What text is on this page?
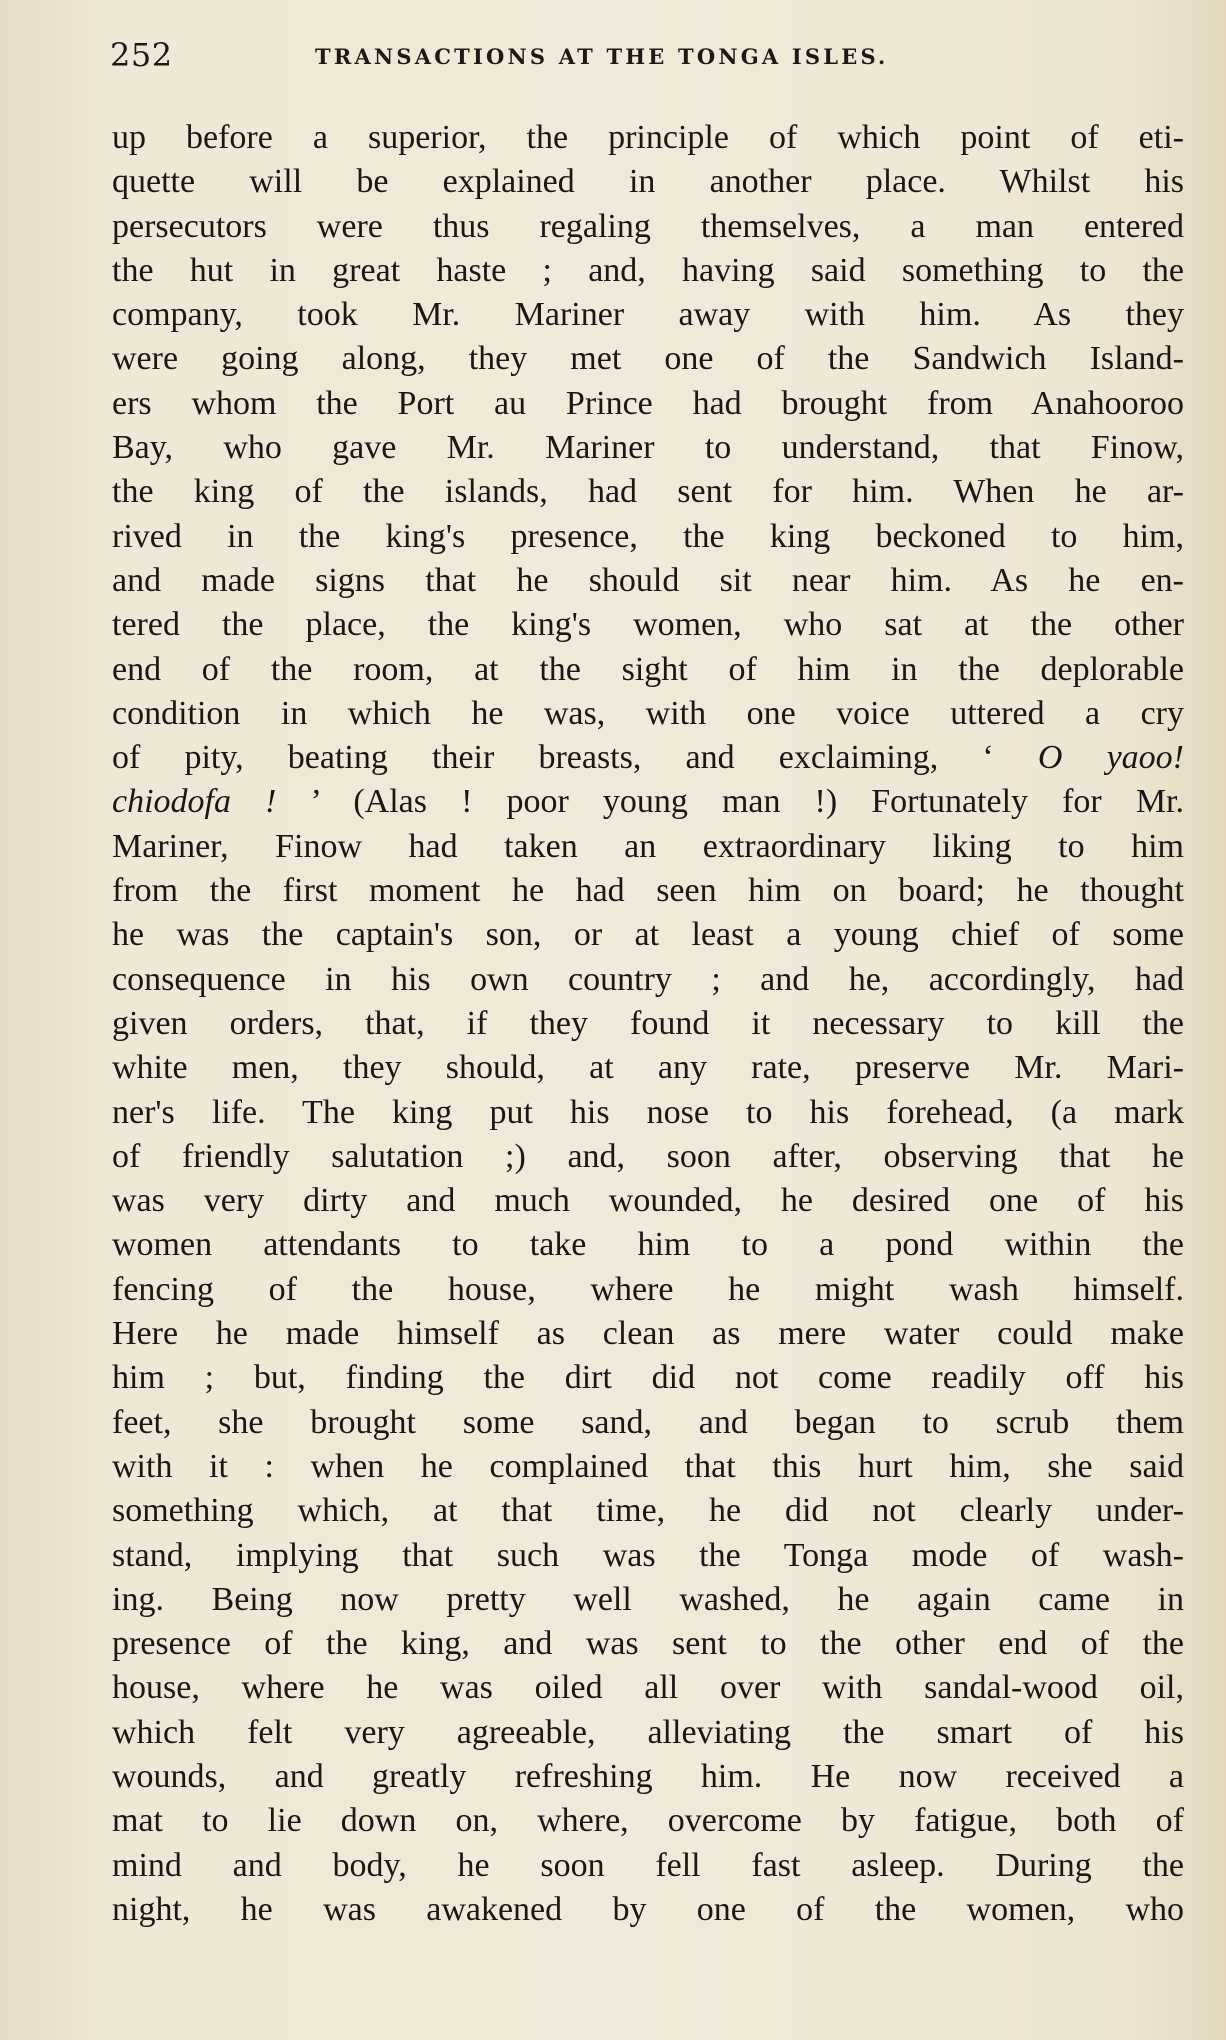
252	TRANSACTIONS AT THE TONGA ISLES.
up before a superior, the principle of which point of eti-
quette will be explained in another place. Whilst his
persecutors were thus regaling themselves, a man entered
the hut in great haste ; and, having said something to the
company, took Mr. Mariner away with him. As they
were going along, they met one of the Sandwich Island-
ers whom the Port au Prince had brought from Anahooroo
Bay, who gave Mr. Mariner to understand, that Finow,
the king of the islands, had sent for him. When he ar-
rived in the king's presence, the king beckoned to him,
and made signs that he should sit near him. As he en-
tered the place, the king's women, who sat at the other
end of the room, at the sight of him in the deplorable
condition in which he was, with one voice uttered a cry
of pity, beating their breasts, and exclaiming, ‘ O yaoo!
chiodofa ! ’ (Alas ! poor young man !) Fortunately for Mr.
Mariner, Finow had taken an extraordinary liking to him
from the first moment he had seen him on board; he thought
he was the captain's son, or at least a young chief of some
consequence in his own country ; and he, accordingly, had
given orders, that, if they found it necessary to kill the
white men, they should, at any rate, preserve Mr. Mari-
ner's life. The king put his nose to his forehead, (a mark
of friendly salutation ;) and, soon after, observing that he
was very dirty and much wounded, he desired one of his
women attendants to take him to a pond within the
fencing of the house, where he might wash himself.
Here he made himself as clean as mere water could make
him ; but, finding the dirt did not come readily off his
feet, she brought some sand, and began to scrub them
with it : when he complained that this hurt him, she said
something which, at that time, he did not clearly under-
stand, implying that such was the Tonga mode of wash-
ing. Being now pretty well washed, he again came in
presence of the king, and was sent to the other end of the
house, where he was oiled all over with sandal-wood oil,
which felt very agreeable, alleviating the smart of his
wounds, and greatly refreshing him. He now received a
mat to lie down on, where, overcome by fatigue, both of
mind and body, he soon fell fast asleep. During the
night, he was awakened by one of the women, who
